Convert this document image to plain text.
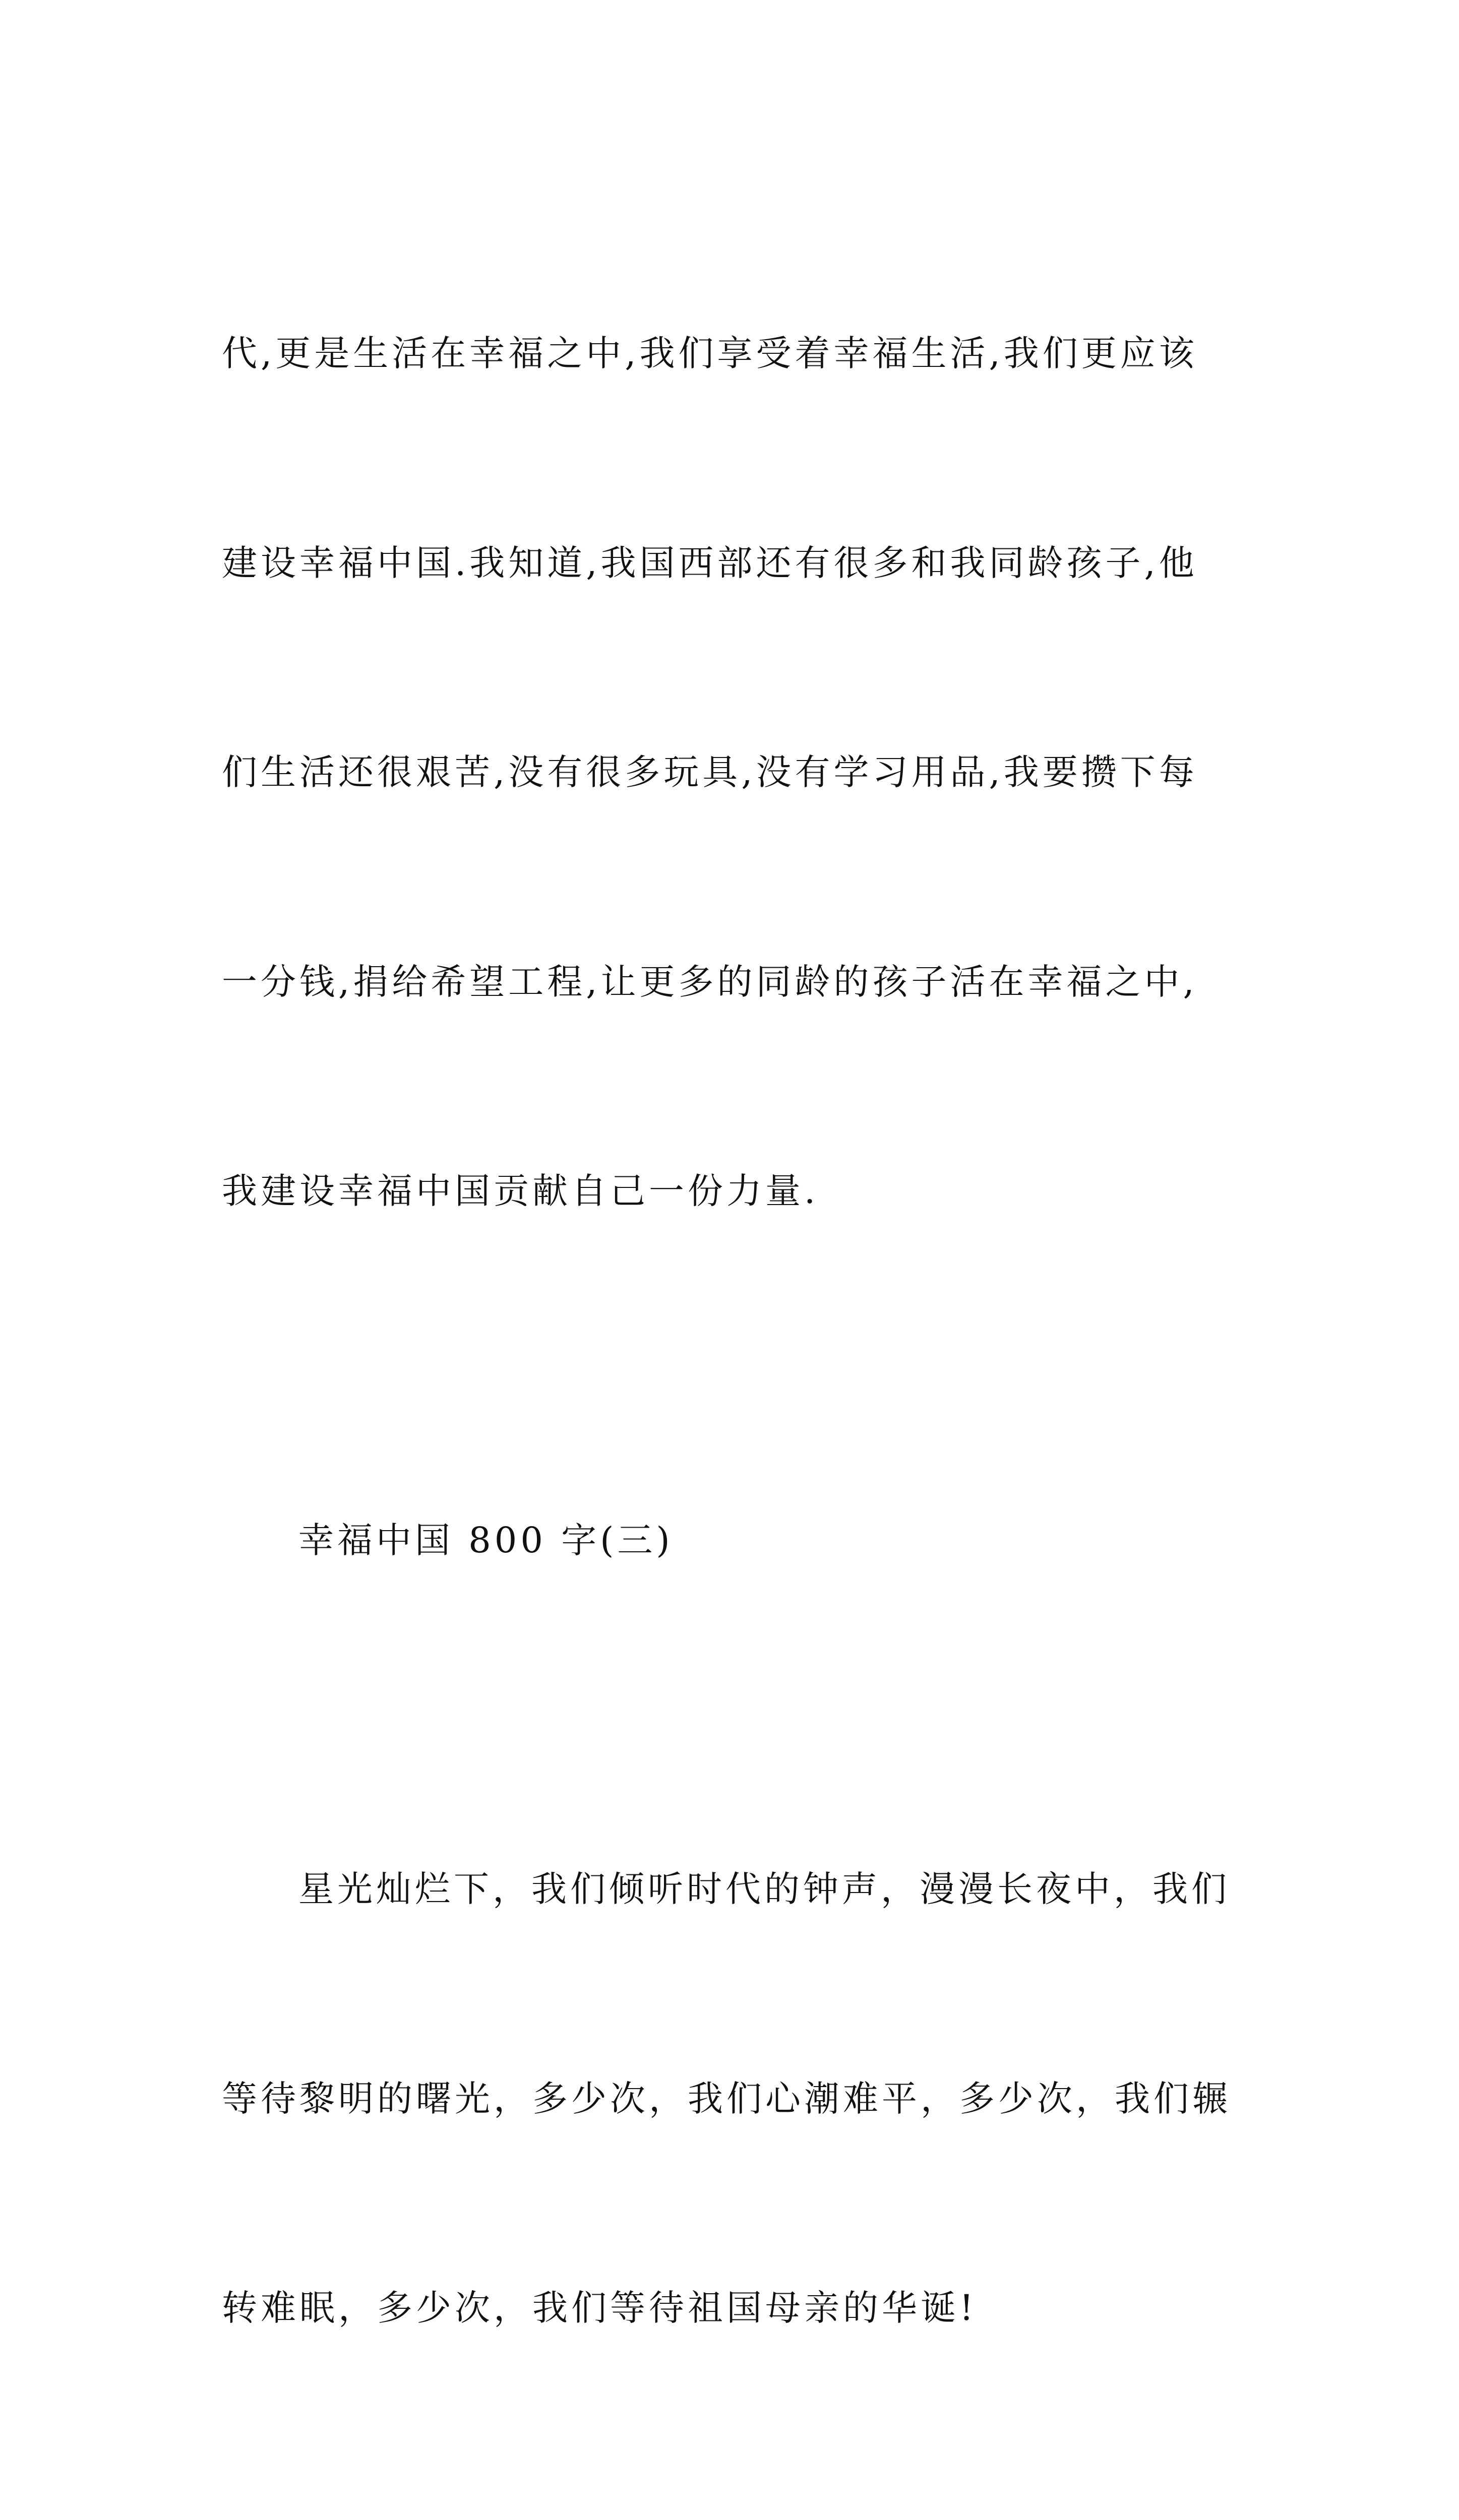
代,更是生活在幸福之中,我们享受着幸福生活,我们更应该

建设幸福中国.我知道,我国西部还有很多和我同龄孩子,他

们生活还很艰苦,没有很多玩具,没有学习用品,我要攒下每

一分钱,捐给希望工程,让更多的同龄的孩子活在幸福之中,

我建设幸福中国贡献自己一份力量.

幸福中国 800 字(三)

星光灿烂下，我们倾听时代的钟声，漫漫长夜中，我们

等待黎明的曙光，多少次，我们心潮难平，多少次，我们辗

转难眠，多少次，我们等待祖国母亲的华诞!
